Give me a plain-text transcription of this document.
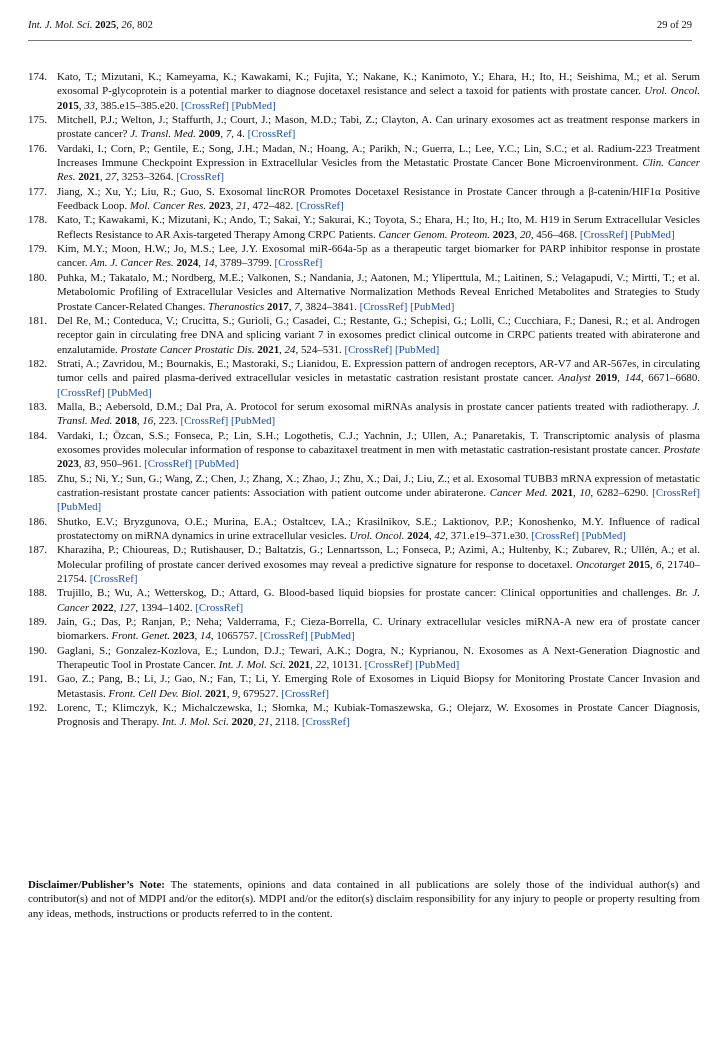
Int. J. Mol. Sci. 2025, 26, 802	29 of 29
174. Kato, T.; Mizutani, K.; Kameyama, K.; Kawakami, K.; Fujita, Y.; Nakane, K.; Kanimoto, Y.; Ehara, H.; Ito, H.; Seishima, M.; et al. Serum exosomal P-glycoprotein is a potential marker to diagnose docetaxel resistance and select a taxoid for patients with prostate cancer. Urol. Oncol. 2015, 33, 385.e15–385.e20. [CrossRef] [PubMed]
175. Mitchell, P.J.; Welton, J.; Staffurth, J.; Court, J.; Mason, M.D.; Tabi, Z.; Clayton, A. Can urinary exosomes act as treatment response markers in prostate cancer? J. Transl. Med. 2009, 7, 4. [CrossRef]
176. Vardaki, I.; Corn, P.; Gentile, E.; Song, J.H.; Madan, N.; Hoang, A.; Parikh, N.; Guerra, L.; Lee, Y.C.; Lin, S.C.; et al. Radium-223 Treatment Increases Immune Checkpoint Expression in Extracellular Vesicles from the Metastatic Prostate Cancer Bone Microenvironment. Clin. Cancer Res. 2021, 27, 3253–3264. [CrossRef]
177. Jiang, X.; Xu, Y.; Liu, R.; Guo, S. Exosomal lincROR Promotes Docetaxel Resistance in Prostate Cancer through a β-catenin/HIF1α Positive Feedback Loop. Mol. Cancer Res. 2023, 21, 472–482. [CrossRef]
178. Kato, T.; Kawakami, K.; Mizutani, K.; Ando, T.; Sakai, Y.; Sakurai, K.; Toyota, S.; Ehara, H.; Ito, H.; Ito, M. H19 in Serum Extracellular Vesicles Reflects Resistance to AR Axis-targeted Therapy Among CRPC Patients. Cancer Genom. Proteom. 2023, 20, 456–468. [CrossRef] [PubMed]
179. Kim, M.Y.; Moon, H.W.; Jo, M.S.; Lee, J.Y. Exosomal miR-664a-5p as a therapeutic target biomarker for PARP inhibitor response in prostate cancer. Am. J. Cancer Res. 2024, 14, 3789–3799. [CrossRef]
180. Puhka, M.; Takatalo, M.; Nordberg, M.E.; Valkonen, S.; Nandania, J.; Aatonen, M.; Yliperttula, M.; Laitinen, S.; Velagapudi, V.; Mirtti, T.; et al. Metabolomic Profiling of Extracellular Vesicles and Alternative Normalization Methods Reveal Enriched Metabolites and Strategies to Study Prostate Cancer-Related Changes. Theranostics 2017, 7, 3824–3841. [CrossRef] [PubMed]
181. Del Re, M.; Conteduca, V.; Crucitta, S.; Gurioli, G.; Casadei, C.; Restante, G.; Schepisi, G.; Lolli, C.; Cucchiara, F.; Danesi, R.; et al. Androgen receptor gain in circulating free DNA and splicing variant 7 in exosomes predict clinical outcome in CRPC patients treated with abiraterone and enzalutamide. Prostate Cancer Prostatic Dis. 2021, 24, 524–531. [CrossRef] [PubMed]
182. Strati, A.; Zavridou, M.; Bournakis, E.; Mastoraki, S.; Lianidou, E. Expression pattern of androgen receptors, AR-V7 and AR-567es, in circulating tumor cells and paired plasma-derived extracellular vesicles in metastatic castration resistant prostate cancer. Analyst 2019, 144, 6671–6680. [CrossRef] [PubMed]
183. Malla, B.; Aebersold, D.M.; Dal Pra, A. Protocol for serum exosomal miRNAs analysis in prostate cancer patients treated with radiotherapy. J. Transl. Med. 2018, 16, 223. [CrossRef] [PubMed]
184. Vardaki, I.; Özcan, S.S.; Fonseca, P.; Lin, S.H.; Logothetis, C.J.; Yachnin, J.; Ullen, A.; Panaretakis, T. Transcriptomic analysis of plasma exosomes provides molecular information of response to cabazitaxel treatment in men with metastatic castration-resistant prostate cancer. Prostate 2023, 83, 950–961. [CrossRef] [PubMed]
185. Zhu, S.; Ni, Y.; Sun, G.; Wang, Z.; Chen, J.; Zhang, X.; Zhao, J.; Zhu, X.; Dai, J.; Liu, Z.; et al. Exosomal TUBB3 mRNA expression of metastatic castration-resistant prostate cancer patients: Association with patient outcome under abiraterone. Cancer Med. 2021, 10, 6282–6290. [CrossRef] [PubMed]
186. Shutko, E.V.; Bryzgunova, O.E.; Murina, E.A.; Ostaltcev, I.A.; Krasilnikov, S.E.; Laktionov, P.P.; Konoshenko, M.Y. Influence of radical prostatectomy on miRNA dynamics in urine extracellular vesicles. Urol. Oncol. 2024, 42, 371.e19–371.e30. [CrossRef] [PubMed]
187. Kharaziha, P.; Chioureas, D.; Rutishauser, D.; Baltatzis, G.; Lennartsson, L.; Fonseca, P.; Azimi, A.; Hultenby, K.; Zubarev, R.; Ullén, A.; et al. Molecular profiling of prostate cancer derived exosomes may reveal a predictive signature for response to docetaxel. Oncotarget 2015, 6, 21740–21754. [CrossRef]
188. Trujillo, B.; Wu, A.; Wetterskog, D.; Attard, G. Blood-based liquid biopsies for prostate cancer: Clinical opportunities and challenges. Br. J. Cancer 2022, 127, 1394–1402. [CrossRef]
189. Jain, G.; Das, P.; Ranjan, P.; Neha; Valderrama, F.; Cieza-Borrella, C. Urinary extracellular vesicles miRNA-A new era of prostate cancer biomarkers. Front. Genet. 2023, 14, 1065757. [CrossRef] [PubMed]
190. Gaglani, S.; Gonzalez-Kozlova, E.; Lundon, D.J.; Tewari, A.K.; Dogra, N.; Kyprianou, N. Exosomes as A Next-Generation Diagnostic and Therapeutic Tool in Prostate Cancer. Int. J. Mol. Sci. 2021, 22, 10131. [CrossRef] [PubMed]
191. Gao, Z.; Pang, B.; Li, J.; Gao, N.; Fan, T.; Li, Y. Emerging Role of Exosomes in Liquid Biopsy for Monitoring Prostate Cancer Invasion and Metastasis. Front. Cell Dev. Biol. 2021, 9, 679527. [CrossRef]
192. Lorenc, T.; Klimczyk, K.; Michalczewska, I.; Słomka, M.; Kubiak-Tomaszewska, G.; Olejarz, W. Exosomes in Prostate Cancer Diagnosis, Prognosis and Therapy. Int. J. Mol. Sci. 2020, 21, 2118. [CrossRef]
Disclaimer/Publisher’s Note: The statements, opinions and data contained in all publications are solely those of the individual author(s) and contributor(s) and not of MDPI and/or the editor(s). MDPI and/or the editor(s) disclaim responsibility for any injury to people or property resulting from any ideas, methods, instructions or products referred to in the content.
